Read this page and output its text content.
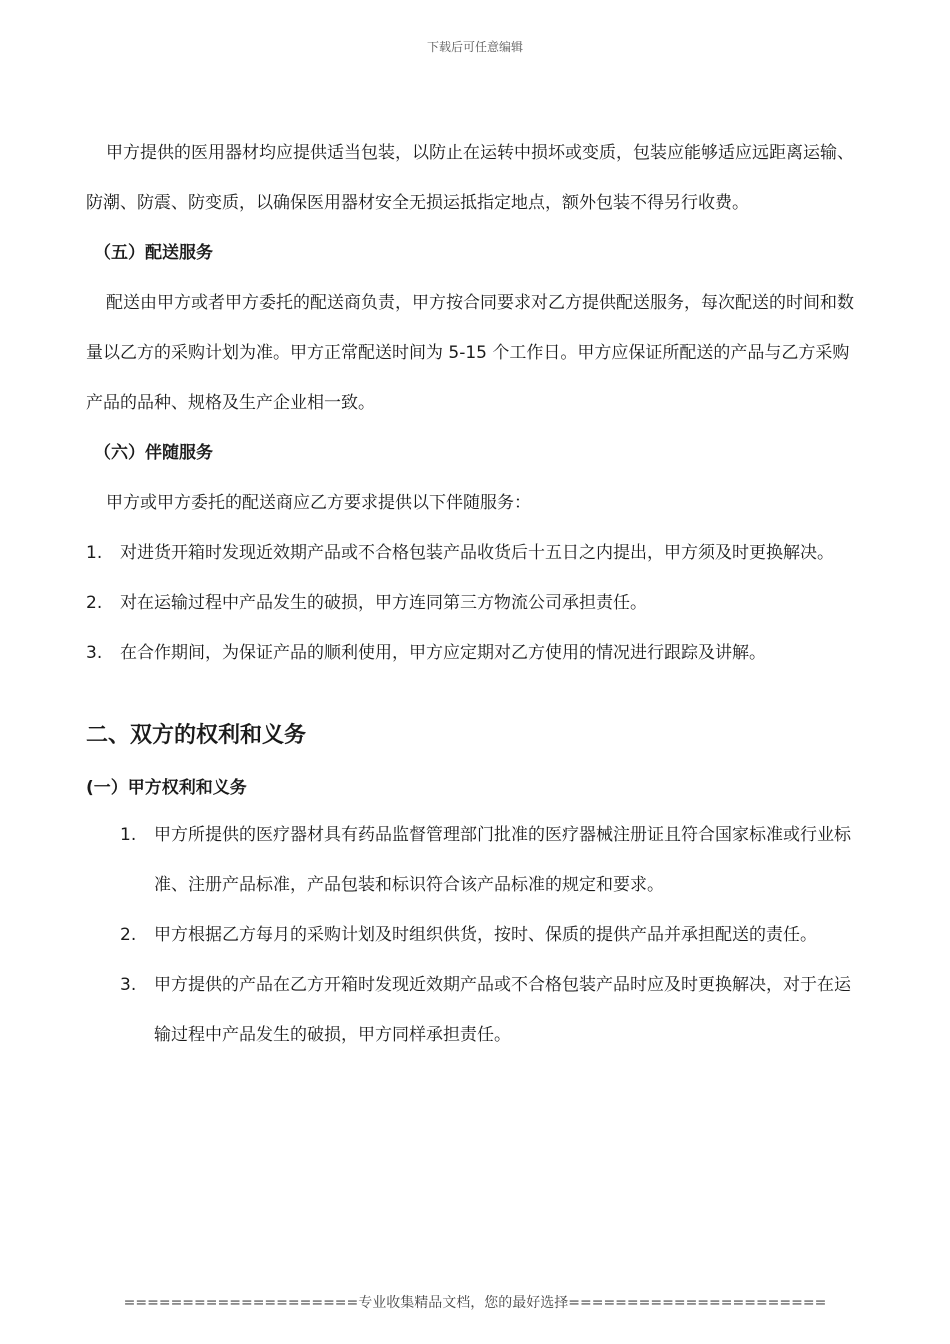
下载后可任意编辑

甲方提供的医用器材均应提供适当包装，以防止在运转中损坏或变质，包装应能够适应远距离运输、防潮、防震、防变质，以确保医用器材安全无损运抵指定地点，额外包装不得另行收费。

（五）配送服务

配送由甲方或者甲方委托的配送商负责，甲方按合同要求对乙方提供配送服务，每次配送的时间和数量以乙方的采购计划为准。甲方正常配送时间为 5-15 个工作日。甲方应保证所配送的产品与乙方采购产品的品种、规格及生产企业相一致。

（六）伴随服务

甲方或甲方委托的配送商应乙方要求提供以下伴随服务：

1.	对进货开箱时发现近效期产品或不合格包装产品收货后十五日之内提出，甲方须及时更换解决。
2.	对在运输过程中产品发生的破损，甲方连同第三方物流公司承担责任。
3.	在合作期间，为保证产品的顺利使用，甲方应定期对乙方使用的情况进行跟踪及讲解。
二、双方的权利和义务

(一）甲方权利和义务

1.	甲方所提供的医疗器材具有药品监督管理部门批准的医疗器械注册证且符合国家标准或行业标准、注册产品标准，产品包装和标识符合该产品标准的规定和要求。
2.	甲方根据乙方每月的采购计划及时组织供货，按时、保质的提供产品并承担配送的责任。
3.	甲方提供的产品在乙方开箱时发现近效期产品或不合格包装产品时应及时更换解决，对于在运输过程中产品发生的破损，甲方同样承担责任。
====================专业收集精品文档，您的最好选择======================
